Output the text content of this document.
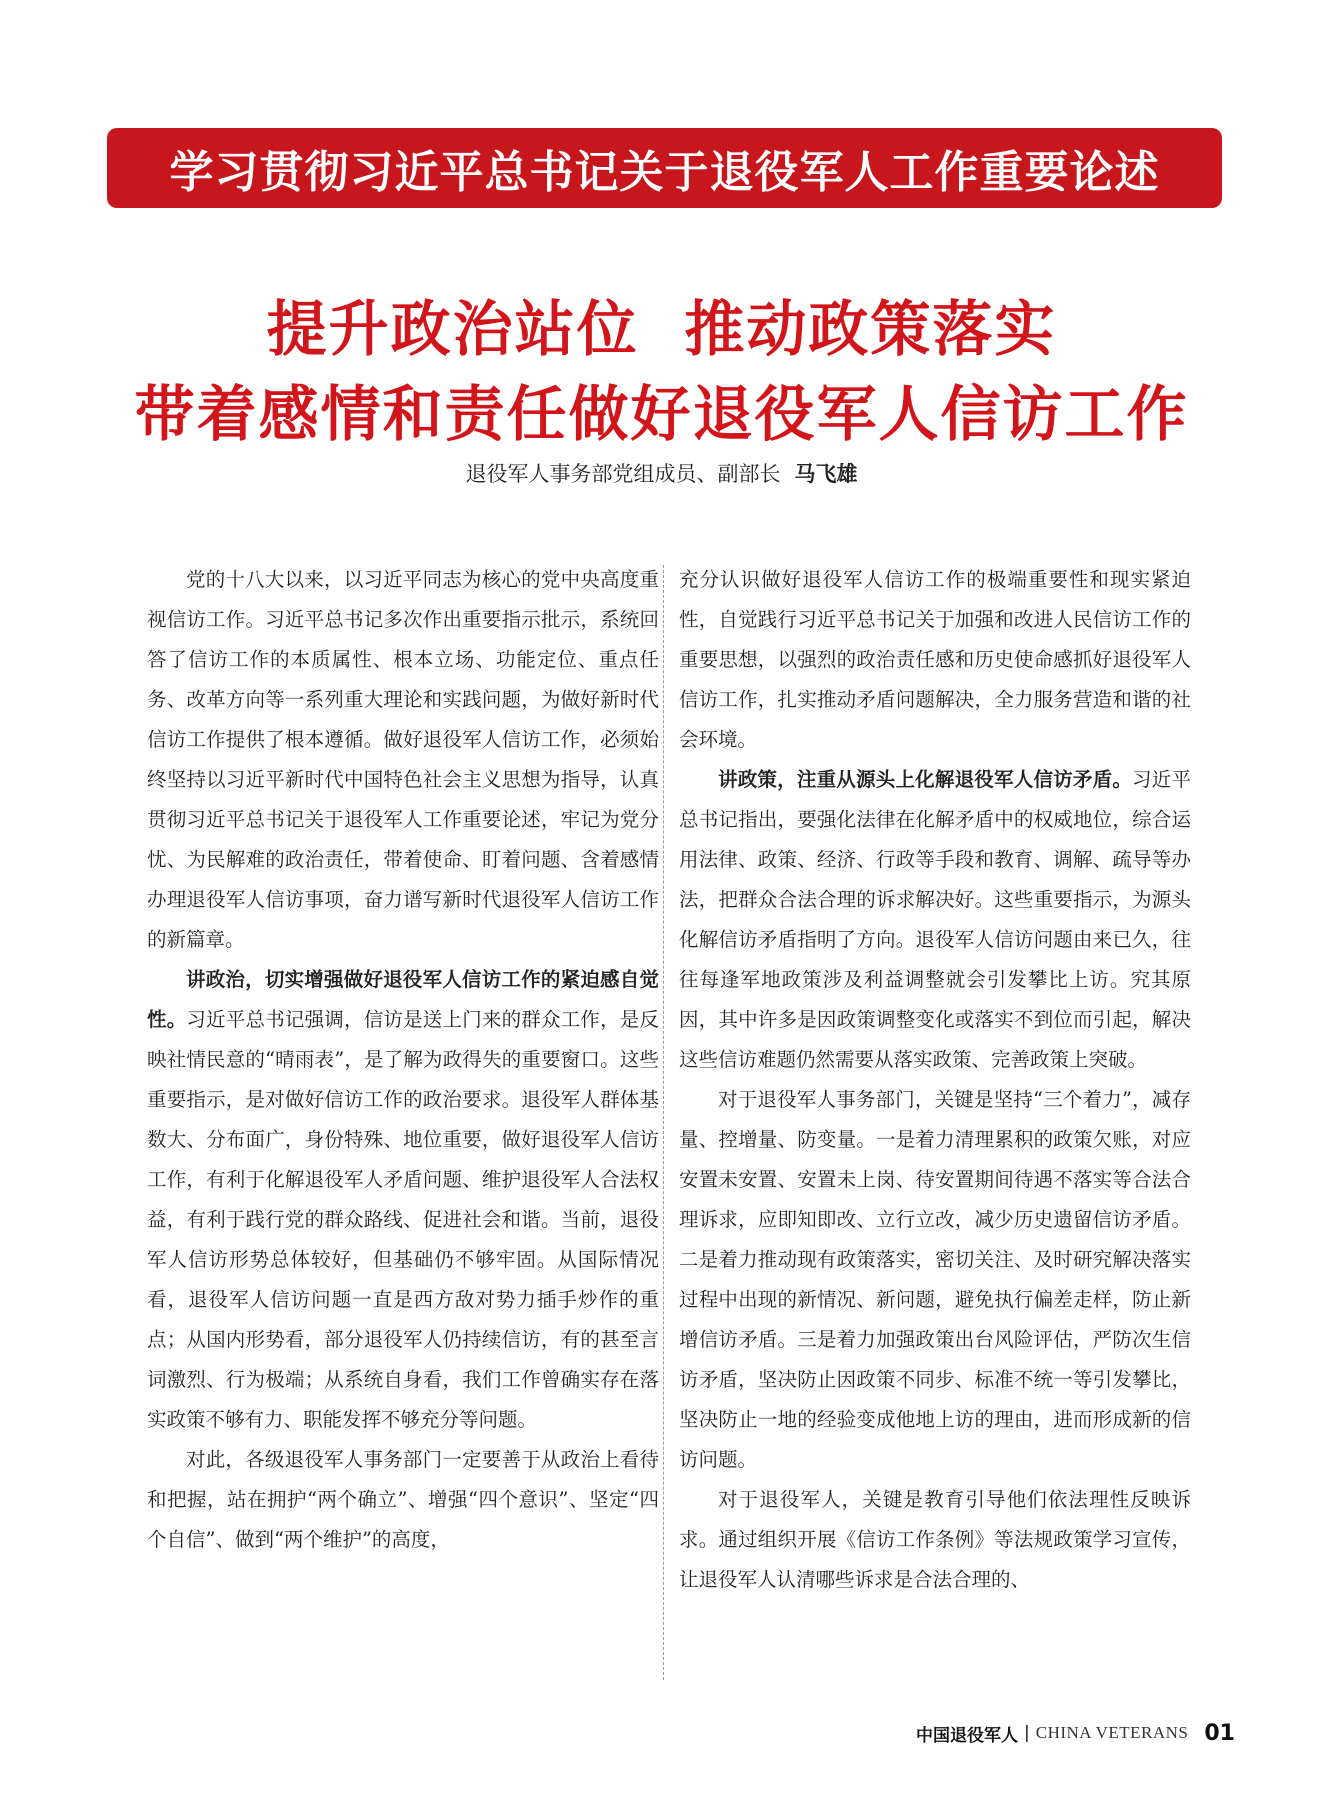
学习贯彻习近平总书记关于退役军人工作重要论述
提升政治站位  推动政策落实
带着感情和责任做好退役军人信访工作
退役军人事务部党组成员、副部长 马飞雄

党的十八大以来，以习近平同志为核心的党中央高度重视信访工作。习近平总书记多次作出重要指示批示，系统回答了信访工作的本质属性、根本立场、功能定位、重点任务、改革方向等一系列重大理论和实践问题，为做好新时代信访工作提供了根本遵循。做好退役军人信访工作，必须始终坚持以习近平新时代中国特色社会主义思想为指导，认真贯彻习近平总书记关于退役军人工作重要论述，牢记为党分忧、为民解难的政治责任，带着使命、盯着问题、含着感情办理退役军人信访事项，奋力谱写新时代退役军人信访工作的新篇章。

讲政治，切实增强做好退役军人信访工作的紧迫感自觉性。习近平总书记强调，信访是送上门来的群众工作，是反映社情民意的“晴雨表”，是了解为政得失的重要窗口。这些重要指示，是对做好信访工作的政治要求。退役军人群体基数大、分布面广，身份特殊、地位重要，做好退役军人信访工作，有利于化解退役军人矛盾问题、维护退役军人合法权益，有利于践行党的群众路线、促进社会和谐。当前，退役军人信访形势总体较好，但基础仍不够牢固。从国际情况看，退役军人信访问题一直是西方敌对势力插手炒作的重点；从国内形势看，部分退役军人仍持续信访，有的甚至言词激烈、行为极端；从系统自身看，我们工作曾确实存在落实政策不够有力、职能发挥不够充分等问题。

对此，各级退役军人事务部门一定要善于从政治上看待和把握，站在拥护“两个确立”、增强“四个意识”、坚定“四个自信”、做到“两个维护”的高度，

充分认识做好退役军人信访工作的极端重要性和现实紧迫性，自觉践行习近平总书记关于加强和改进人民信访工作的重要思想，以强烈的政治责任感和历史使命感抓好退役军人信访工作，扎实推动矛盾问题解决，全力服务营造和谐的社会环境。

讲政策，注重从源头上化解退役军人信访矛盾。习近平总书记指出，要强化法律在化解矛盾中的权威地位，综合运用法律、政策、经济、行政等手段和教育、调解、疏导等办法，把群众合法合理的诉求解决好。这些重要指示，为源头化解信访矛盾指明了方向。退役军人信访问题由来已久，往往每逢军地政策涉及利益调整就会引发攀比上访。究其原因，其中许多是因政策调整变化或落实不到位而引起，解决这些信访难题仍然需要从落实政策、完善政策上突破。

对于退役军人事务部门，关键是坚持“三个着力”，减存量、控增量、防变量。一是着力清理累积的政策欠账，对应安置未安置、安置未上岗、待安置期间待遇不落实等合法合理诉求，应即知即改、立行立改，减少历史遗留信访矛盾。二是着力推动现有政策落实，密切关注、及时研究解决落实过程中出现的新情况、新问题，避免执行偏差走样，防止新增信访矛盾。三是着力加强政策出台风险评估，严防次生信访矛盾，坚决防止因政策不同步、标准不统一等引发攀比，坚决防止一地的经验变成他地上访的理由，进而形成新的信访问题。

对于退役军人，关键是教育引导他们依法理性反映诉求。通过组织开展《信访工作条例》等法规政策学习宣传，让退役军人认清哪些诉求是合法合理的、

中国退役军人 | CHINA VETERANS 01
